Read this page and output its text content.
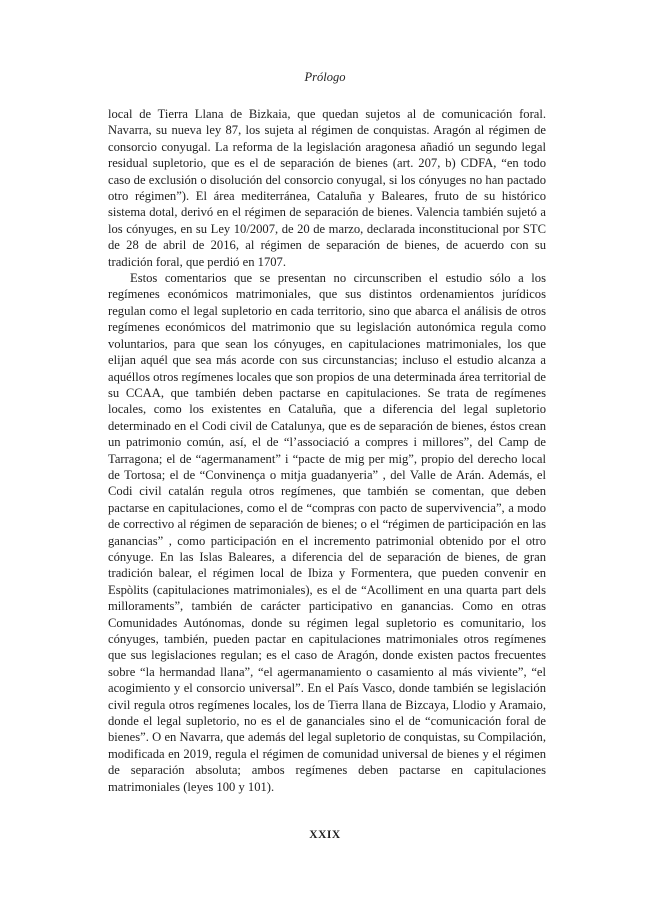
Prólogo

local de Tierra Llana de Bizkaia, que quedan sujetos al de comunicación foral. Navarra, su nueva ley 87, los sujeta al régimen de conquistas. Aragón al régimen de consorcio conyugal. La reforma de la legislación aragonesa añadió un segundo legal residual supletorio, que es el de separación de bienes (art. 207, b) CDFA, “en todo caso de exclusión o disolución del consorcio conyugal, si los cónyuges no han pactado otro régimen”). El área mediterránea, Cataluña y Baleares, fruto de su histórico sistema dotal, derivó en el régimen de separación de bienes. Valencia también sujetó a los cónyuges, en su Ley 10/2007, de 20 de marzo, declarada inconstitucional por STC de 28 de abril de 2016, al régimen de separación de bienes, de acuerdo con su tradición foral, que perdió en 1707.

Estos comentarios que se presentan no circunscriben el estudio sólo a los regímenes económicos matrimoniales, que sus distintos ordenamientos jurídicos regulan como el legal supletorio en cada territorio, sino que abarca el análisis de otros regímenes económicos del matrimonio que su legislación autonómica regula como voluntarios, para que sean los cónyuges, en capitulaciones matrimoniales, los que elijan aquél que sea más acorde con sus circunstancias; incluso el estudio alcanza a aquéllos otros regímenes locales que son propios de una determinada área territorial de su CCAA, que también deben pactarse en capitulaciones. Se trata de regímenes locales, como los existentes en Cataluña, que a diferencia del legal supletorio determinado en el Codi civil de Catalunya, que es de separación de bienes, éstos crean un patrimonio común, así, el de “l’associació a compres i millores”, del Camp de Tarragona; el de “agermanament” i “pacte de mig per mig”, propio del derecho local de Tortosa; el de “Convinença o mitja guadanyeria” , del Valle de Arán. Además, el Codi civil catalán regula otros regímenes, que también se comentan, que deben pactarse en capitulaciones, como el de “compras con pacto de supervivencia”, a modo de correctivo al régimen de separación de bienes; o el “régimen de participación en las ganancias” , como participación en el incremento patrimonial obtenido por el otro cónyuge. En las Islas Baleares, a diferencia del de separación de bienes, de gran tradición balear, el régimen local de Ibiza y Formentera, que pueden convenir en Espòlits (capitulaciones matrimoniales), es el de “Acolliment en una quarta part dels milloraments”, también de carácter participativo en ganancias. Como en otras Comunidades Autónomas, donde su régimen legal supletorio es comunitario, los cónyuges, también, pueden pactar en capitulaciones matrimoniales otros regímenes que sus legislaciones regulan; es el caso de Aragón, donde existen pactos frecuentes sobre “la hermandad llana”, “el agermanamiento o casamiento al más viviente”, “el acogimiento y el consorcio universal”. En el País Vasco, donde también se legislación civil regula otros regímenes locales, los de Tierra llana de Bizcaya, Llodio y Aramaio, donde el legal supletorio, no es el de gananciales sino el de “comunicación foral de bienes”. O en Navarra, que además del legal supletorio de conquistas, su Compilación, modificada en 2019, regula el régimen de comunidad universal de bienes y el régimen de separación absoluta; ambos regímenes deben pactarse en capitulaciones matrimoniales (leyes 100 y 101).

XXIX
